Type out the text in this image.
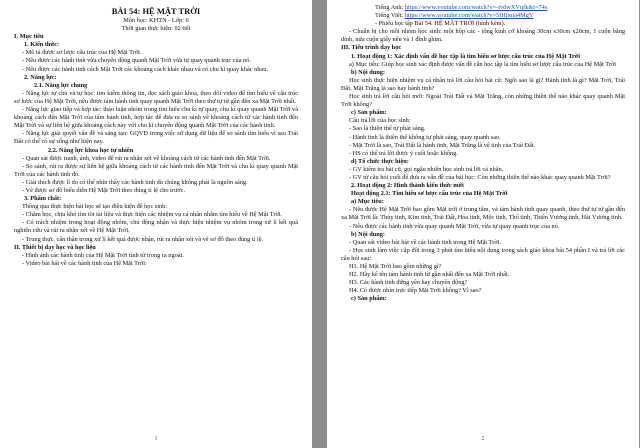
BÀI 54: HỆ MẶT TRỜI
Môn học: KHTN - Lớp: 6
Thời gian thực hiện: 02 tiết
I. Mục tiêu
1. Kiến thức:
- Mô tả được sơ lược cấu trúc của Hệ Mặt Trời.
- Nêu được các hành tinh vừa chuyển động quanh Mặt Trời vừa tự quay quanh trục của nó.
- Nêu được các hành tinh cách Mặt Trời các khoảng cách khác nhau và có chu kì quay khác nhau.
2. Năng lực:
2.1. Năng lực chung
- Năng lực tự chủ và tự học: tìm kiếm thông tin, đọc sách giáo khoa, theo dõi video để tìm hiểu về cấu trúc sơ lược của Hệ Mặt Trời, nêu được tám hành tinh quay quanh Mặt Trời theo thứ tự từ gần đến xa Mặt Trời nhất.
- Năng lực giao tiếp và hợp tác: thảo luận nhóm trong tìm hiểu chu kì tự quay, chu kì quay quanh Mặt Trời và khoảng cách đến Mặt Trời của tám hành tinh, hợp tác để đưa ra so sánh về khoảng cách từ các hành tinh đến Mặt Trời và sự liên hệ giữa khoảng cách này với chu kì chuyển động quanh Mặt Trời của các hành tinh.
- Năng lực giải quyết vấn đề và sáng tạo: GQVĐ trong việc sử dụng dữ liệu để so sánh tìm hiểu vì sao Trái Đất có thể có sự sống như hiện nay.
2.2. Năng lực khoa học tự nhiên
- Quan sát được tranh, ảnh, video để rút ra nhận xét về khoảng cách từ các hành tinh đến Mặt Trời.
- So sánh, rút ra được sự liên hệ giữa khoảng cách từ các hành tinh đến Mặt Trời và chu kì quay quanh Mặt Trời của các hành tinh đó.
- Giải thích được lí do có thể nhìn thấy các hành tinh dù chúng không phải là nguồn sáng.
- Vẽ được sơ đồ biểu diễn Hệ Mặt Trời theo đúng tỉ lệ cho trước.
3. Phẩm chất:
Thông qua thực hiện bài học sẽ tạo điều kiện để học sinh:
- Chăm học, chịu khó tìm tòi tài liệu và thực hiện các nhiệm vụ cá nhân nhằm tìm hiểu về Hệ Mặt Trời.
- Có trách nhiệm trong hoạt động nhóm, chủ động nhận và thực hiện nhiệm vụ nhóm trong xử lí kết quả nghiên cứu và rút ra nhận xét về Hệ Mặt Trời.
- Trung thực, cẩn thận trong xử lí kết quả được nhận, rút ra nhận xét và vẽ sơ đồ theo đúng tỉ lệ.
II. Thiết bị dạy học và học liệu
- Hình ảnh các hành tinh của Hệ Mặt Trời tính từ trong ra ngoài.
- Video bài hát về các hành tinh của Hệ Mặt Trời:
1
Tiếng Anh: https://www.youtube.com/watch?v=-ivdwXVqfk&t=74s
Tiếng Việt: https://www.youtube.com/watch?v=5fHjmia4MgY
- Phiếu học tập Bài 54. HỆ MẶT TRỜI (hình kèm).
- Chuẩn bị cho mỗi nhóm học sinh: một hộp các - tông kính cỡ khoảng 30cm x30cm x20cm, 1 cuộn băng dính, nửa cuộn giấy nến và 1 đĩnh ghim.
III. Tiến trình dạy học
1. Hoạt động 1: Xác định vấn đề học tập là tìm hiểu sơ lược cấu trúc của Hệ Mặt Trời
a) Mục tiêu: Giúp học sinh xác định được vấn đề cần học tập là tìm hiểu sơ lược cấu trúc của Hệ Mặt Trời
b) Nội dung:
Học sinh thực hiện nhiệm vụ cá nhân trả lời câu hỏi bài cũ: Ngôi sao là gì? Hành tinh là gì? Mặt Trời, Trái Đất, Mặt Trăng là sao hay hành tinh?
Học sinh trả lời câu hỏi mới: Ngoài Trái Đất và Mặt Trăng, còn những thiên thể nào khác quay quanh Mặt Trời không?
c) Sản phẩm:
Câu trả lời của học sinh:
- Sao là thiên thể tự phát sáng.
- Hành tinh là thiên thể không tự phát sáng, quay quanh sao.
- Mặt Trời là sao, Trái Đất là hành tinh, Mặt Trăng là vệ tinh của Trái Đất.
- HS có thể trả lời được ý cuối hoặc không.
d) Tổ chức thực hiện:
- GV kiểm tra bài cũ, gọi ngẫu nhiên học sinh trả lời cá nhân.
- GV từ câu hỏi cuối để đưa ra vấn đề của bài học: Còn những thiên thể nào khác quay quanh Mặt Trời?
2. Hoạt động 2: Hình thành kiến thức mới
Hoạt động 2.1: Tìm hiểu sơ lược cấu trúc của Hệ Mặt Trời
a) Mục tiêu:
- Nêu được Hệ Mặt Trời bao gồm Mặt trời ở trung tâm, và tám hành tinh quay quanh, theo thứ tự từ gần đến xa Mặt Trời là: Thủy tinh, Kim tinh, Trái Đất, Hỏa tinh, Mộc tinh, Thổ tinh, Thiên Vương tinh, Hải Vương tinh.
- Nêu được các hành tinh vừa quay quanh Mặt Trời, vừa tự quay quanh trục của nó.
b) Nội dung:
- Quan sát video bài hát về các hành tinh trong Hệ Mặt Trời.
- Học sinh làm việc cặp đôi trong 3 phút tìm hiểu nội dung trong sách giáo khoa bài 54 phần I và trả lời các câu hỏi sau:
H1. Hệ Mặt Trời bao gồm những gì?
H2. Hãy kể tên tám hành tinh từ gần nhất đến xa Mặt Trời nhất.
H3. Các hành tinh đứng yên hay chuyển động?
H4. Có được nhìn trực tiếp Mặt Trời không? Vì sao?
c) Sản phẩm:
2
